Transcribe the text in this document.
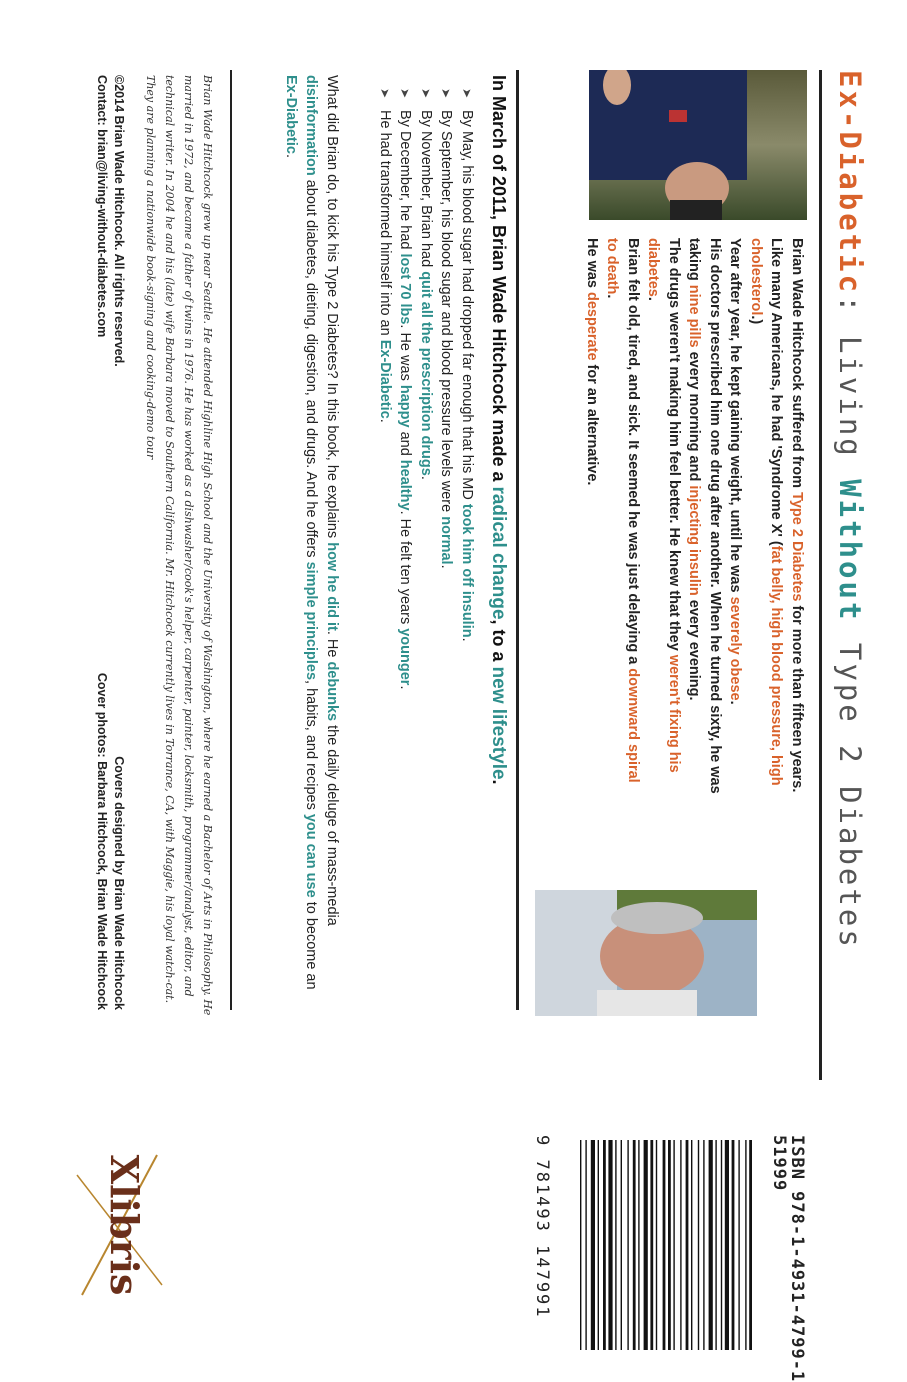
Ex-Diabetic: Living Without Type 2 Diabetes

Brian Wade Hitchcock suffered from Type 2 Diabetes for more than fifteen years.

Like many Americans, he had 'Syndrome X' (fat belly, high blood pressure, high cholesterol.)

Year after year, he kept gaining weight, until he was severely obese.

His doctors prescribed him one drug after another. When he turned sixty, he was taking nine pills every morning and injecting insulin every evening.

The drugs weren't making him feel better. He knew that they weren't fixing his diabetes.

Brian felt old, tired, and sick. It seemed he was just delaying a downward spiral to death.

He was desperate for an alternative.

In March of 2011, Brian Wade Hitchcock made a radical change, to a new lifestyle.
➤ By May, his blood sugar had dropped far enough that his MD took him off insulin.
➤ By September, his blood sugar and blood pressure levels were normal.
➤ By November, Brian had quit all the prescription drugs.
➤ By December, he had lost 70 lbs. He was happy and healthy. He felt ten years younger.
➤ He had transformed himself into an Ex-Diabetic.

What did Brian do, to kick his Type 2 Diabetes? In this book, he explains how he did it. He debunks the daily deluge of mass-media disinformation about diabetes, dieting, digestion, and drugs. And he offers simple principles, habits, and recipes you can use to become an Ex-Diabetic.

Brian Wade Hitchcock grew up near Seattle. He attended Highline High School and the University of Washington, where he earned a Bachelor of Arts in Philosophy. He married in 1972, and became a father of twins in 1976. He has worked as a dishwasher/cook's helper, carpenter, painter, locksmith, programmer/analyst, editor, and technical writer. In 2004 he and his (late) wife Barbara moved to Southern California. Mr. Hitchcock currently lives in Torrance, CA, with Maggie, his loyal watch-cat. They are planning a nationwide book-signing and cooking-demo tour

©2014 Brian Wade Hitchcock. All rights reserved.
Contact: brian@living-without-diabetes.com
Covers designed by Brian Wade Hitchcock
Cover photos: Barbara Hitchcock, Brian Wade Hitchcock
ISBN 978-1-4931-4799-1
51999
9 781493 147991
Xlibris
